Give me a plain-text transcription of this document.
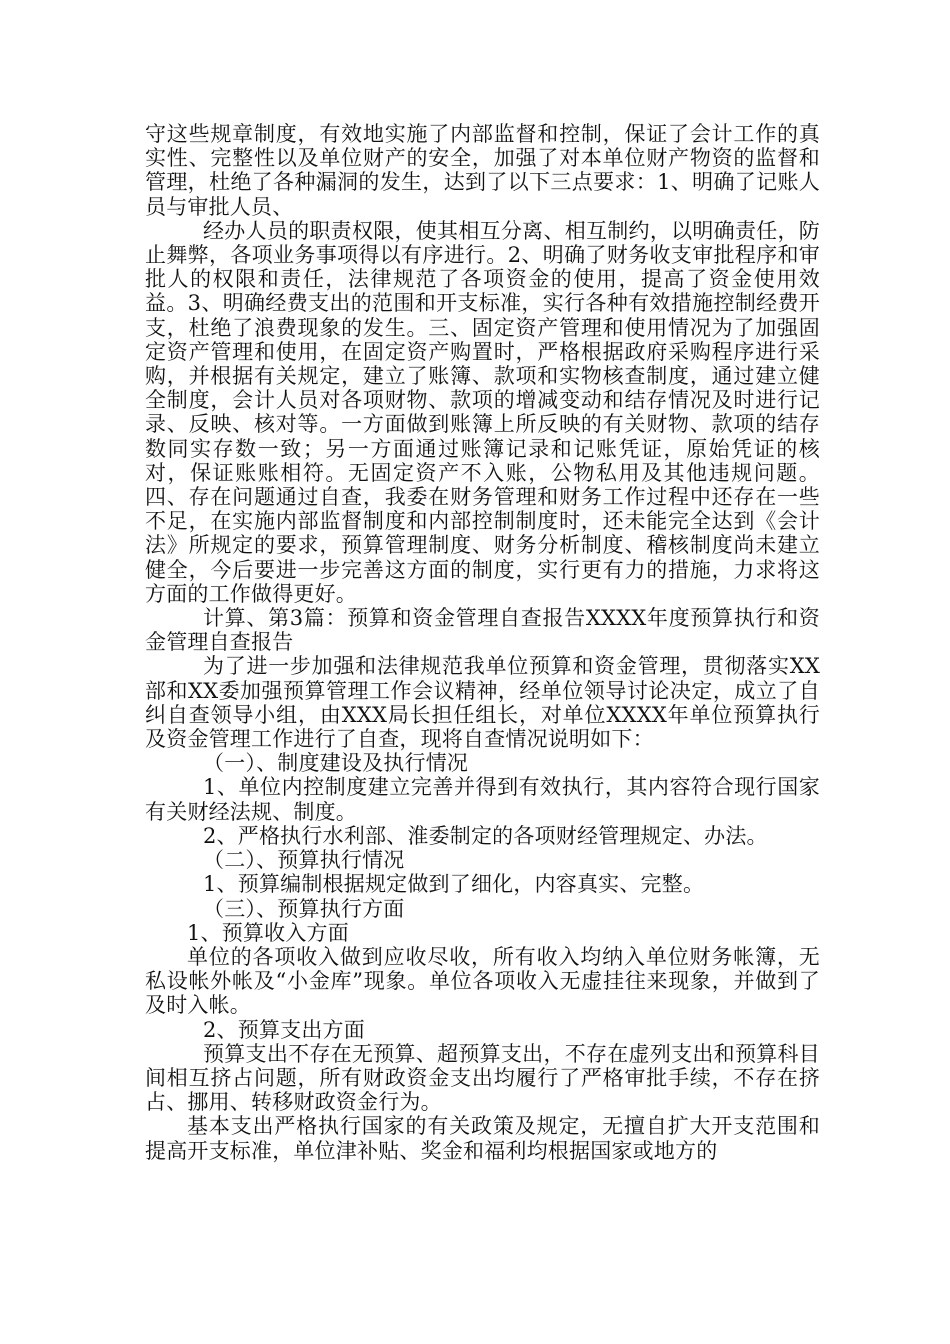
守这些规章制度，有效地实施了内部监督和控制，保证了会计工作的真实性、完整性以及单位财产的安全，加强了对本单位财产物资的监督和管理，杜绝了各种漏洞的发生，达到了以下三点要求：1、明确了记账人员与审批人员、

经办人员的职责权限，使其相互分离、相互制约，以明确责任，防止舞弊，各项业务事项得以有序进行。2、明确了财务收支审批程序和审批人的权限和责任，法律规范了各项资金的使用，提高了资金使用效益。3、明确经费支出的范围和开支标准，实行各种有效措施控制经费开支，杜绝了浪费现象的发生。三、固定资产管理和使用情况为了加强固定资产管理和使用，在固定资产购置时，严格根据政府采购程序进行采购，并根据有关规定，建立了账簿、款项和实物核查制度，通过建立健全制度，会计人员对各项财物、款项的增减变动和结存情况及时进行记录、反映、核对等。一方面做到账簿上所反映的有关财物、款项的结存数同实存数一致；另一方面通过账簿记录和记账凭证，原始凭证的核对，保证账账相符。无固定资产不入账，公物私用及其他违规问题。四、存在问题通过自查，我委在财务管理和财务工作过程中还存在一些不足，在实施内部监督制度和内部控制制度时，还未能完全达到《会计法》所规定的要求，预算管理制度、财务分析制度、稽核制度尚未建立健全，今后要进一步完善这方面的制度，实行更有力的措施，力求将这方面的工作做得更好。

计算、第3篇：预算和资金管理自查报告XXXX年度预算执行和资金管理自查报告

为了进一步加强和法律规范我单位预算和资金管理，贯彻落实XX部和XX委加强预算管理工作会议精神，经单位领导讨论决定，成立了自纠自查领导小组，由XXX局长担任组长，对单位XXXX年单位预算执行及资金管理工作进行了自查，现将自查情况说明如下：

（一）、制度建设及执行情况

1、单位内控制度建立完善并得到有效执行，其内容符合现行国家有关财经法规、制度。

2、严格执行水利部、淮委制定的各项财经管理规定、办法。

（二）、预算执行情况

1、预算编制根据规定做到了细化，内容真实、完整。

（三）、预算执行方面

1、预算收入方面

单位的各项收入做到应收尽收，所有收入均纳入单位财务帐簿，无私设帐外帐及“小金库”现象。单位各项收入无虚挂往来现象，并做到了及时入帐。

2、预算支出方面

预算支出不存在无预算、超预算支出，不存在虚列支出和预算科目间相互挤占问题，所有财政资金支出均履行了严格审批手续，不存在挤占、挪用、转移财政资金行为。

基本支出严格执行国家的有关政策及规定，无擅自扩大开支范围和提高开支标准，单位津补贴、奖金和福利均根据国家或地方的
